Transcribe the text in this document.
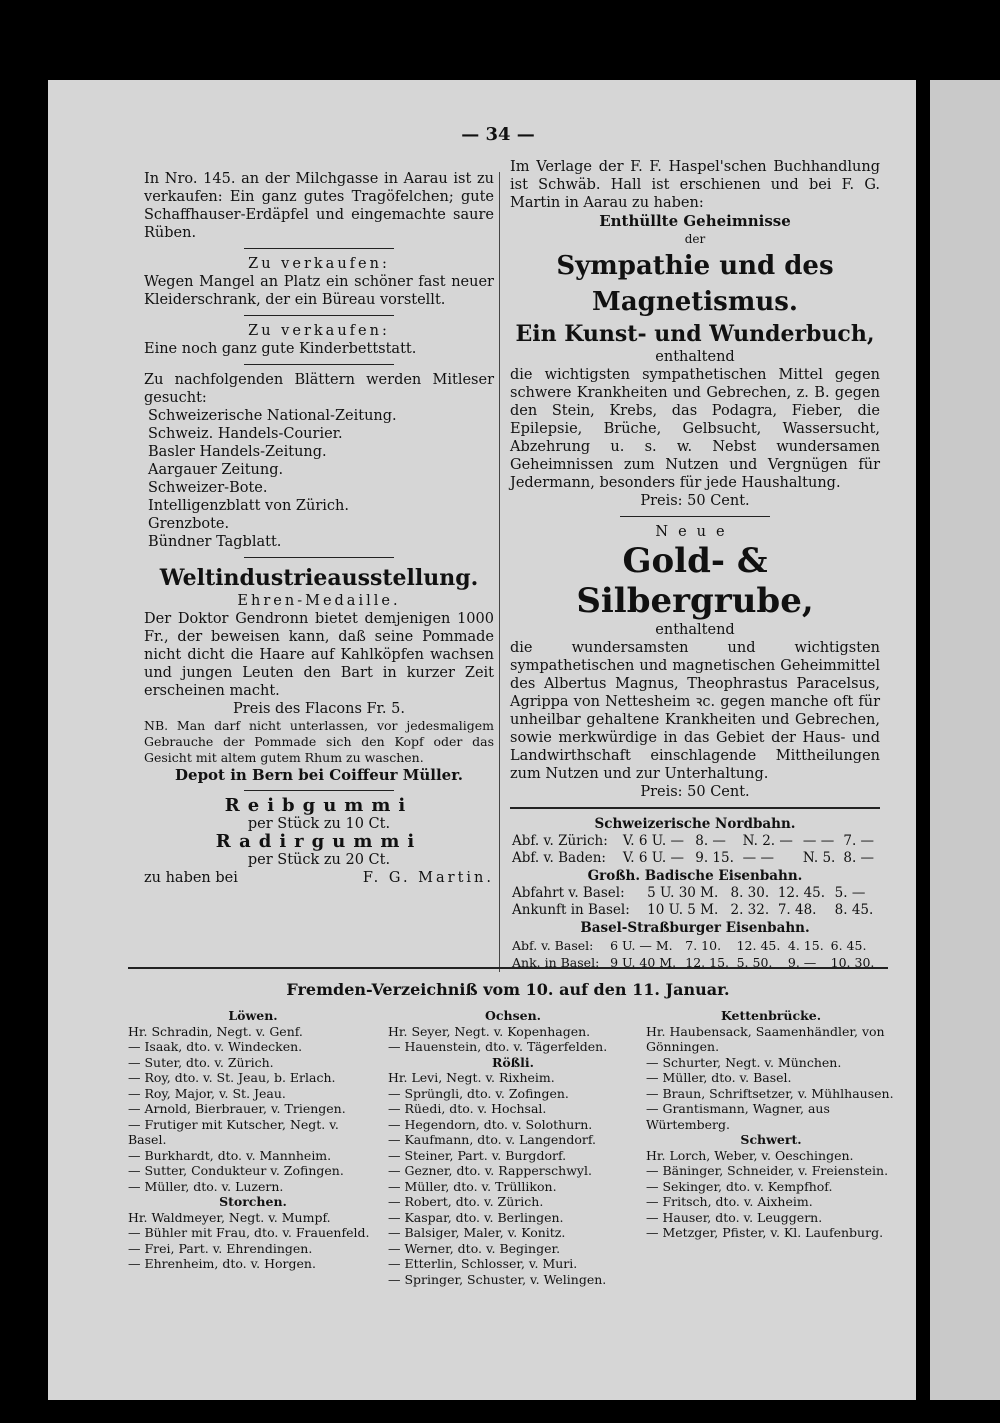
— 34 —

In Nro. 145. an der Milchgasse in Aarau ist zu verkaufen: Ein ganz gutes Tragöfelchen; gute Schaffhauser-Erdäpfel und eingemachte saure Rüben.

Zu verkaufen:

Wegen Mangel an Platz ein schöner fast neuer Kleiderschrank, der ein Büreau vorstellt.

Zu verkaufen:

Eine noch ganz gute Kinderbettstatt.

Zu nachfolgenden Blättern werden Mitleser gesucht:

Schweizerische National-Zeitung.

Schweiz. Handels-Courier.

Basler Handels-Zeitung.

Aargauer Zeitung.

Schweizer-Bote.

Intelligenzblatt von Zürich.

Grenzbote.

Bündner Tagblatt.

Weltindustrieausstellung.

Ehren-Medaille.

Der Doktor Gendronn bietet demjenigen 1000 Fr., der beweisen kann, daß seine Pommade nicht dicht die Haare auf Kahlköpfen wachsen und jungen Leuten den Bart in kurzer Zeit erscheinen macht.

Preis des Flacons Fr. 5.

NB. Man darf nicht unterlassen, vor jedesmaligem Gebrauche der Pommade sich den Kopf oder das Gesicht mit altem gutem Rhum zu waschen.

Depot in Bern bei Coiffeur Müller.

Reibgummi

per Stück zu 10 Ct.

Radirgummi

per Stück zu 20 Ct.

zu haben bei	F. G. Martin.

Im Verlage der F. F. Haspel'schen Buchhandlung ist Schwäb. Hall ist erschienen und bei F. G. Martin in Aarau zu haben:

Enthüllte Geheimnisse

der

Sympathie und des Magnetismus.

Ein Kunst- und Wunderbuch,

enthaltend

die wichtigsten sympathetischen Mittel gegen schwere Krankheiten und Gebrechen, z. B. gegen den Stein, Krebs, das Podagra, Fieber, die Epilepsie, Brüche, Gelbsucht, Wassersucht, Abzehrung u. s. w. Nebst wundersamen Geheimnissen zum Nutzen und Vergnügen für Jedermann, besonders für jede Haushaltung.

Preis: 50 Cent.

Neue

Gold- & Silbergrube,

enthaltend

die wundersamsten und wichtigsten sympathetischen und magnetischen Geheimmittel des Albertus Magnus, Theophrastus Paracelsus, Agrippa von Nettesheim ꝛc. gegen manche oft für unheilbar gehaltene Krankheiten und Gebrechen, sowie merkwürdige in das Gebiet der Haus- und Landwirthschaft einschlagende Mittheilungen zum Nutzen und zur Unterhaltung.

Preis: 50 Cent.

Schweizerische Nordbahn.

Abf. v. Zürich:	V. 6 U. —	8. —	N. 2. —	— —	7. —
Abf. v. Baden:	V. 6 U. —	9. 15.	— —	N. 5.	8. —

Großh. Badische Eisenbahn.

Abfahrt v. Basel:	5 U. 30 M.	8. 30.	12. 45.	5. —
Ankunft in Basel:	10 U. 5 M.	2. 32.	7. 48.	8. 45.

Basel-Straßburger Eisenbahn.

Abf. v. Basel:	6 U. — M.	7. 10.	12. 45.	4. 15.	6. 45.
Ank. in Basel:	9 U. 40 M.	12. 15.	5. 50.	9. —	10. 30.
Fremden-Verzeichniß vom 10. auf den 11. Januar.

Löwen.

Hr. Schradin, Negt. v. Genf.

— Isaak, dto. v. Windecken.

— Suter, dto. v. Zürich.

— Roy, dto. v. St. Jeau, b. Erlach.

— Roy, Major, v. St. Jeau.

— Arnold, Bierbrauer, v. Triengen.

— Frutiger mit Kutscher, Negt. v. Basel.

— Burkhardt, dto. v. Mannheim.

— Sutter, Condukteur v. Zofingen.

— Müller, dto. v. Luzern.

Storchen.

Hr. Waldmeyer, Negt. v. Mumpf.

— Bühler mit Frau, dto. v. Frauenfeld.

— Frei, Part. v. Ehrendingen.

— Ehrenheim, dto. v. Horgen.

Ochsen.

Hr. Seyer, Negt. v. Kopenhagen.

— Hauenstein, dto. v. Tägerfelden.

Rößli.

Hr. Levi, Negt. v. Rixheim.

— Sprüngli, dto. v. Zofingen.

— Rüedi, dto. v. Hochsal.

— Hegendorn, dto. v. Solothurn.

— Kaufmann, dto. v. Langendorf.

— Steiner, Part. v. Burgdorf.

— Gezner, dto. v. Rapperschwyl.

— Müller, dto. v. Trüllikon.

— Robert, dto. v. Zürich.

— Kaspar, dto. v. Berlingen.

— Balsiger, Maler, v. Konitz.

— Werner, dto. v. Beginger.

— Etterlin, Schlosser, v. Muri.

— Springer, Schuster, v. Welingen.

Kettenbrücke.

Hr. Haubensack, Saamenhändler, von Gönningen.

— Schurter, Negt. v. München.

— Müller, dto. v. Basel.

— Braun, Schriftsetzer, v. Mühlhausen.

— Grantismann, Wagner, aus Würtemberg.

Schwert.

Hr. Lorch, Weber, v. Oeschingen.

— Bäninger, Schneider, v. Freienstein.

— Sekinger, dto. v. Kempfhof.

— Fritsch, dto. v. Aixheim.

— Hauser, dto. v. Leuggern.

— Metzger, Pfister, v. Kl. Laufenburg.
